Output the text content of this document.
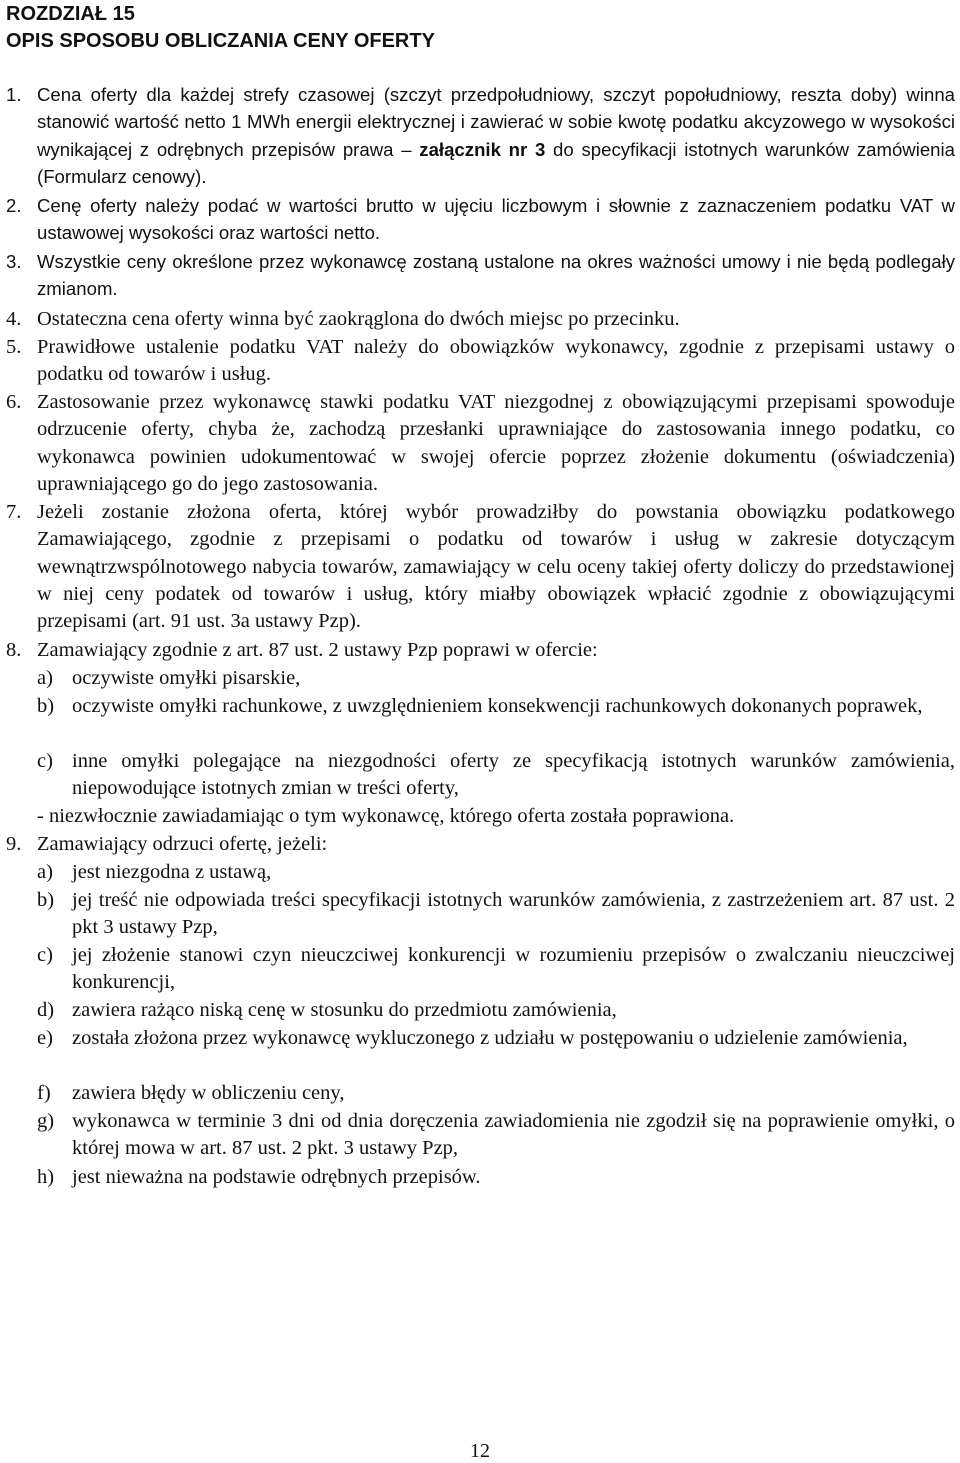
ROZDZIAŁ 15
OPIS SPOSOBU OBLICZANIA CENY OFERTY
1. Cena oferty dla każdej strefy czasowej (szczyt przedpołudniowy, szczyt popołudniowy, reszta doby) winna stanowić wartość netto 1 MWh energii elektrycznej i zawierać w sobie kwotę podatku akcyzowego w wysokości wynikającej z odrębnych przepisów prawa – załącznik nr 3 do specyfikacji istotnych warunków zamówienia (Formularz cenowy).
2. Cenę oferty należy podać w wartości brutto w ujęciu liczbowym i słownie z zaznaczeniem podatku VAT w ustawowej wysokości oraz wartości netto.
3. Wszystkie ceny określone przez wykonawcę zostaną ustalone na okres ważności umowy i nie będą podlegały zmianom.
4. Ostateczna cena oferty winna być zaokrąglona do dwóch miejsc po przecinku.
5. Prawidłowe ustalenie podatku VAT należy do obowiązków wykonawcy, zgodnie z przepisami ustawy o podatku od towarów i usług.
6. Zastosowanie przez wykonawcę stawki podatku VAT niezgodnej z obowiązującymi przepisami spowoduje odrzucenie oferty, chyba że, zachodzą przesłanki uprawniające do zastosowania innego podatku, co wykonawca powinien udokumentować w swojej ofercie poprzez złożenie dokumentu (oświadczenia) uprawniającego go do jego zastosowania.
7. Jeżeli zostanie złożona oferta, której wybór prowadziłby do powstania obowiązku podatkowego Zamawiającego, zgodnie z przepisami o podatku od towarów i usług w zakresie dotyczącym wewnątrzwspólnotowego nabycia towarów, zamawiający w celu oceny takiej oferty doliczy do przedstawionej w niej ceny podatek od towarów i usług, który miałby obowiązek wpłacić zgodnie z obowiązującymi przepisami (art. 91 ust. 3a ustawy Pzp).
8. Zamawiający zgodnie z art. 87 ust. 2 ustawy Pzp poprawi w ofercie:
a) oczywiste omyłki pisarskie,
b) oczywiste omyłki rachunkowe, z uwzględnieniem konsekwencji rachunkowych dokonanych poprawek,
c) inne omyłki polegające na niezgodności oferty ze specyfikacją istotnych warunków zamówienia, niepowodujące istotnych zmian w treści oferty,
- niezwłocznie zawiadamiając o tym wykonawcę, którego oferta została poprawiona.
9. Zamawiający odrzuci ofertę, jeżeli:
a) jest niezgodna z ustawą,
b) jej treść nie odpowiada treści specyfikacji istotnych warunków zamówienia, z zastrzeżeniem art. 87 ust. 2 pkt 3 ustawy Pzp,
c) jej złożenie stanowi czyn nieuczciwej konkurencji w rozumieniu przepisów o zwalczaniu nieuczciwej konkurencji,
d) zawiera rażąco niską cenę w stosunku do przedmiotu zamówienia,
e) została złożona przez wykonawcę wykluczonego z udziału w postępowaniu o udzielenie zamówienia,
f) zawiera błędy w obliczeniu ceny,
g) wykonawca w terminie 3 dni od dnia doręczenia zawiadomienia nie zgodził się na poprawienie omyłki, o której mowa w art. 87 ust. 2 pkt. 3 ustawy Pzp,
h) jest nieważna na podstawie odrębnych przepisów.
12
